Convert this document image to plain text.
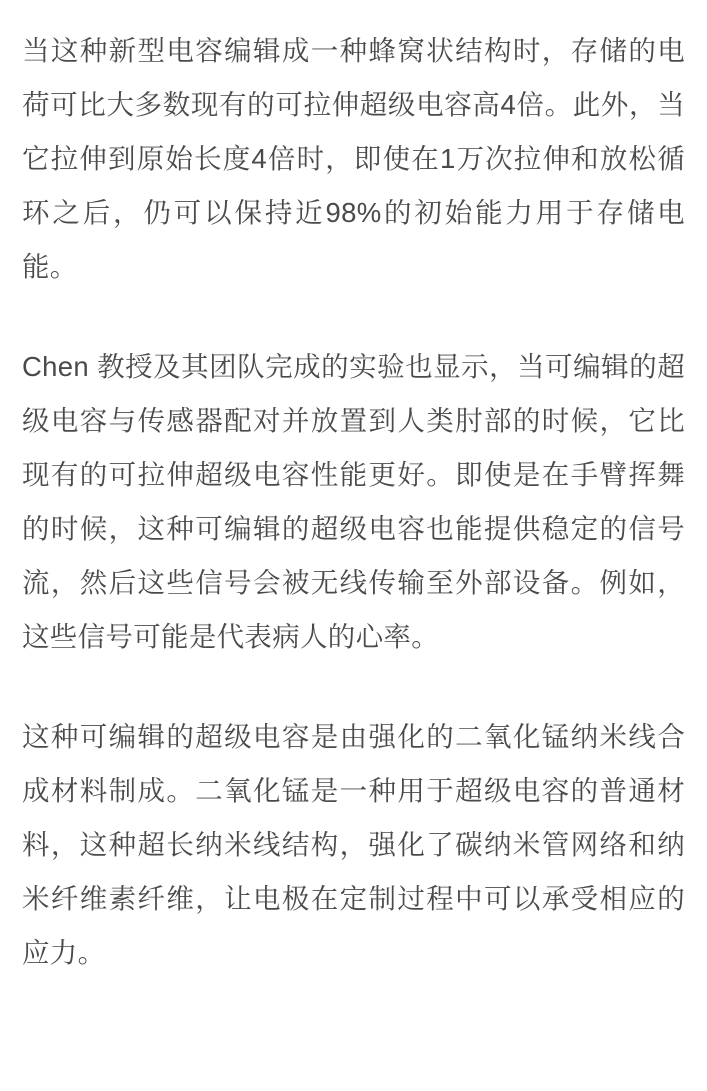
当这种新型电容编辑成一种蜂窝状结构时，存储的电荷可比大多数现有的可拉伸超级电容高4倍。此外，当它拉伸到原始长度4倍时，即使在1万次拉伸和放松循环之后，仍可以保持近98%的初始能力用于存储电能。

Chen 教授及其团队完成的实验也显示，当可编辑的超级电容与传感器配对并放置到人类肘部的时候，它比现有的可拉伸超级电容性能更好。即使是在手臂挥舞的时候，这种可编辑的超级电容也能提供稳定的信号流，然后这些信号会被无线传输至外部设备。例如，这些信号可能是代表病人的心率。

这种可编辑的超级电容是由强化的二氧化锰纳米线合成材料制成。二氧化锰是一种用于超级电容的普通材料，这种超长纳米线结构，强化了碳纳米管网络和纳米纤维素纤维，让电极在定制过程中可以承受相应的应力。
